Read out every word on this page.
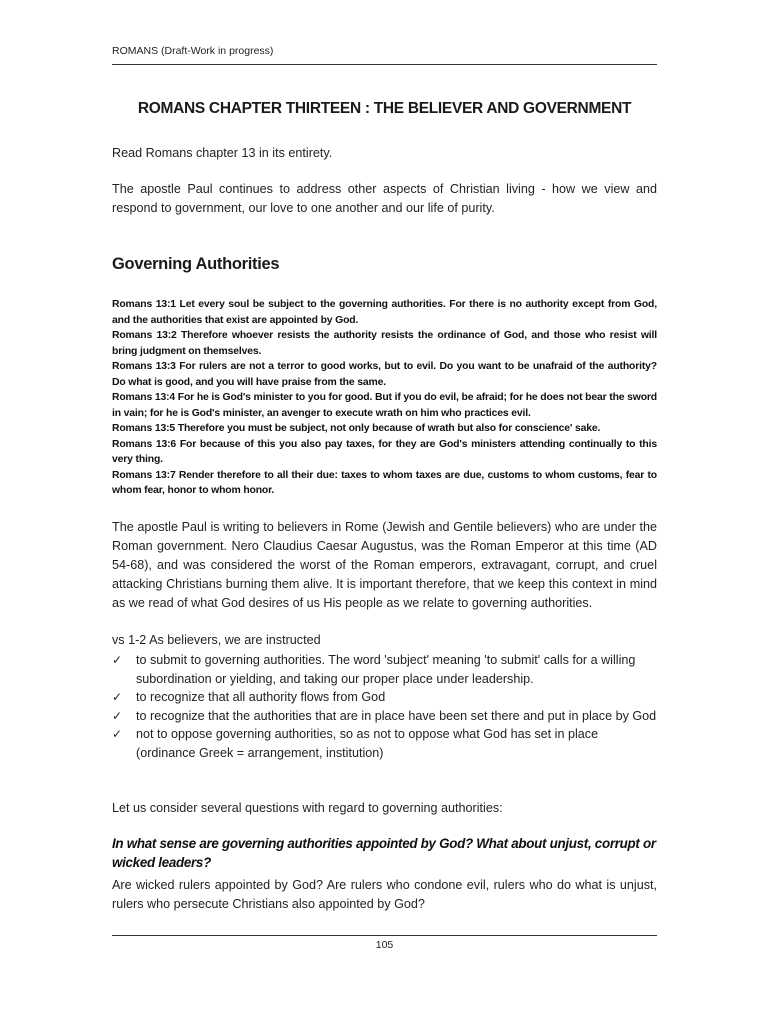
ROMANS (Draft-Work in progress)
ROMANS CHAPTER THIRTEEN : THE BELIEVER AND GOVERNMENT
Read Romans chapter 13 in its entirety.
The apostle Paul continues to address other aspects of Christian living - how we view and respond to government, our love to one another and our life of purity.
Governing Authorities
Romans 13:1 Let every soul be subject to the governing authorities. For there is no authority except from God, and the authorities that exist are appointed by God.
Romans 13:2 Therefore whoever resists the authority resists the ordinance of God, and those who resist will bring judgment on themselves.
Romans 13:3 For rulers are not a terror to good works, but to evil. Do you want to be unafraid of the authority? Do what is good, and you will have praise from the same.
Romans 13:4 For he is God's minister to you for good. But if you do evil, be afraid; for he does not bear the sword in vain; for he is God's minister, an avenger to execute wrath on him who practices evil.
Romans 13:5 Therefore you must be subject, not only because of wrath but also for conscience' sake.
Romans 13:6 For because of this you also pay taxes, for they are God's ministers attending continually to this very thing.
Romans 13:7 Render therefore to all their due: taxes to whom taxes are due, customs to whom customs, fear to whom fear, honor to whom honor.
The apostle Paul is writing to believers in Rome (Jewish and Gentile believers) who are under the Roman government. Nero Claudius Caesar Augustus, was the Roman Emperor at this time (AD 54-68), and was considered the worst of the Roman emperors, extravagant, corrupt, and cruel attacking Christians burning them alive. It is important therefore, that we keep this context in mind as we read of what God desires of us His people as we relate to governing authorities.
vs 1-2 As believers, we are instructed
✓ to submit to governing authorities. The word 'subject' meaning 'to submit' calls for a willing subordination or yielding, and taking our proper place under leadership.
✓ to recognize that all authority flows from God
✓ to recognize that the authorities that are in place have been set there and put in place by God
✓ not to oppose governing authorities, so as not to oppose what God has set in place (ordinance Greek = arrangement, institution)
Let us consider several questions with regard to governing authorities:
In what sense are governing authorities appointed by God? What about unjust, corrupt or wicked leaders?
Are wicked rulers appointed by God? Are rulers who condone evil, rulers who do what is unjust, rulers who persecute Christians also appointed by God?
105
